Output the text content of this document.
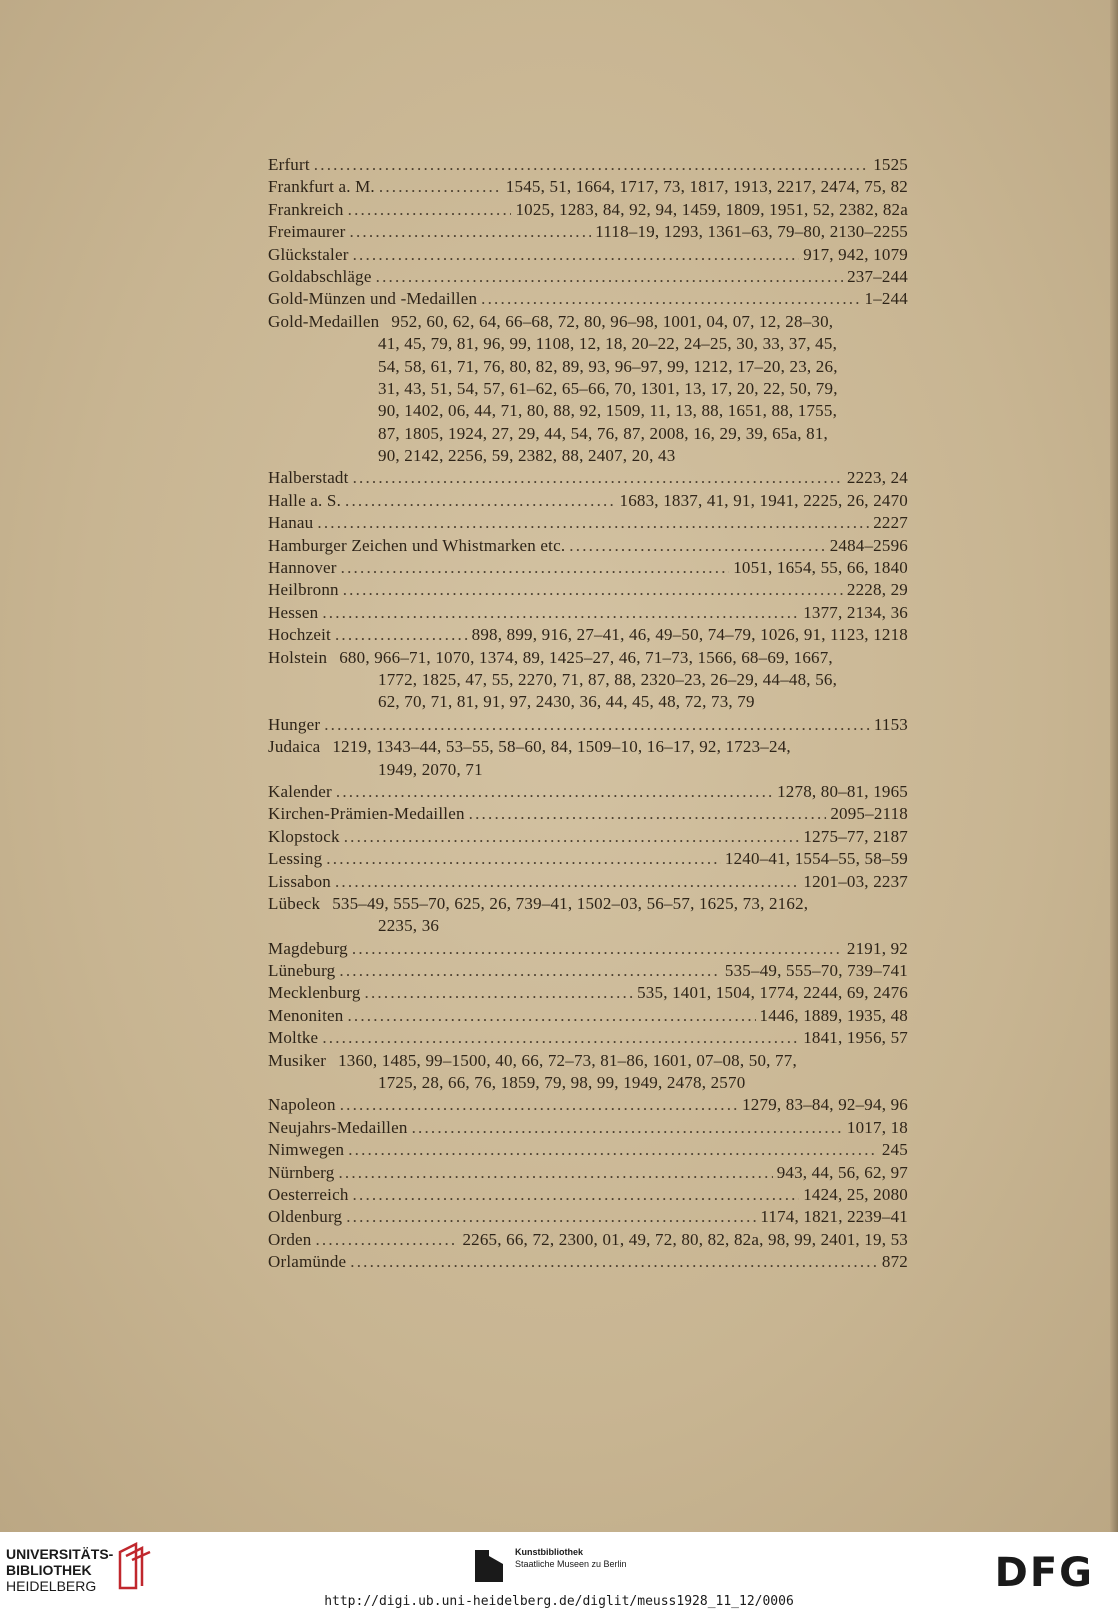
Erfurt .....	1525
Frankfurt a. M. .....	1545, 51, 1664, 1717, 73, 1817, 1913, 2217, 2474, 75, 82
Frankreich .....	1025, 1283, 84, 92, 94, 1459, 1809, 1951, 52, 2382, 82a
Freimaurer .....	1118–19, 1293, 1361–63, 79–80, 2130–2255
Glückstaler .....	917, 942, 1079
Goldabschläge .....	237–244
Gold-Münzen und -Medaillen .....	1–244
Gold-Medaillen 952, 60, 62, 64, 66–68, 72, 80, 96–98, 1001, 04, 07, 12, 28–30,
41, 45, 79, 81, 96, 99, 1108, 12, 18, 20–22, 24–25, 30, 33, 37, 45,
54, 58, 61, 71, 76, 80, 82, 89, 93, 96–97, 99, 1212, 17–20, 23, 26,
31, 43, 51, 54, 57, 61–62, 65–66, 70, 1301, 13, 17, 20, 22, 50, 79,
90, 1402, 06, 44, 71, 80, 88, 92, 1509, 11, 13, 88, 1651, 88, 1755,
87, 1805, 1924, 27, 29, 44, 54, 76, 87, 2008, 16, 29, 39, 65a, 81,
90, 2142, 2256, 59, 2382, 88, 2407, 20, 43
Halberstadt .....	2223, 24
Halle a. S. .....	1683, 1837, 41, 91, 1941, 2225, 26, 2470
Hanau .....	2227
Hamburger Zeichen und Whistmarken etc. .....	2484–2596
Hannover .....	1051, 1654, 55, 66, 1840
Heilbronn .....	2228, 29
Hessen .....	1377, 2134, 36
Hochzeit .....	898, 899, 916, 27–41, 46, 49–50, 74–79, 1026, 91, 1123, 1218
Holstein 680, 966–71, 1070, 1374, 89, 1425–27, 46, 71–73, 1566, 68–69, 1667,
1772, 1825, 47, 55, 2270, 71, 87, 88, 2320–23, 26–29, 44–48, 56,
62, 70, 71, 81, 91, 97, 2430, 36, 44, 45, 48, 72, 73, 79
Hunger .....	1153
Judaica 1219, 1343–44, 53–55, 58–60, 84, 1509–10, 16–17, 92, 1723–24,
1949, 2070, 71
Kalender .....	1278, 80–81, 1965
Kirchen-Prämien-Medaillen .....	2095–2118
Klopstock .....	1275–77, 2187
Lessing .....	1240–41, 1554–55, 58–59
Lissabon .....	1201–03, 2237
Lübeck 535–49, 555–70, 625, 26, 739–41, 1502–03, 56–57, 1625, 73, 2162,
2235, 36
Magdeburg .....	2191, 92
Lüneburg .....	535–49, 555–70, 739–741
Mecklenburg .....	535, 1401, 1504, 1774, 2244, 69, 2476
Menoniten .....	1446, 1889, 1935, 48
Moltke .....	1841, 1956, 57
Musiker 1360, 1485, 99–1500, 40, 66, 72–73, 81–86, 1601, 07–08, 50, 77,
1725, 28, 66, 76, 1859, 79, 98, 99, 1949, 2478, 2570
Napoleon .....	1279, 83–84, 92–94, 96
Neujahrs-Medaillen .....	1017, 18
Nimwegen .....	245
Nürnberg .....	943, 44, 56, 62, 97
Oesterreich .....	1424, 25, 2080
Oldenburg .....	1174, 1821, 2239–41
Orden .....	2265, 66, 72, 2300, 01, 49, 72, 80, 82, 82a, 98, 99, 2401, 19, 53
Orlamünde .....	872
UNIVERSITÄTS-
BIBLIOTHEK
HEIDELBERG
Kunstbibliothek
Staatliche Museen zu Berlin	DFG
http://digi.ub.uni-heidelberg.de/diglit/meuss1928_11_12/0006
